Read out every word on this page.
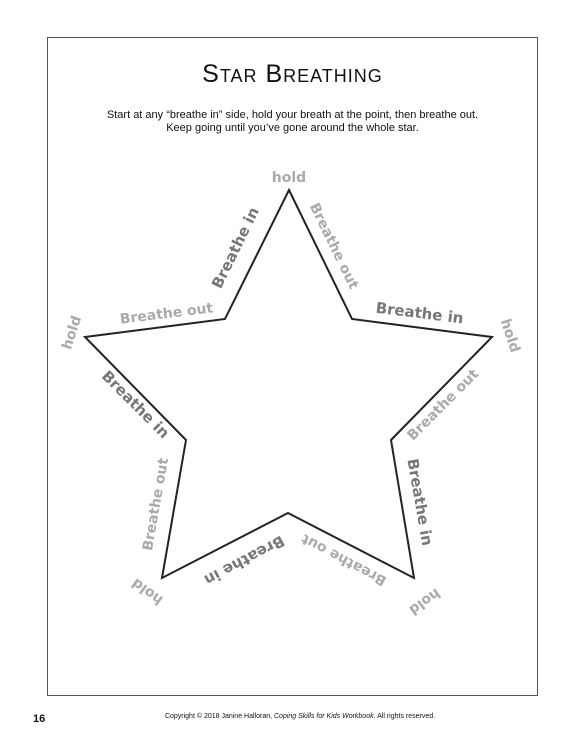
Star Breathing
Start at any “breathe in” side, hold your breath at the point, then breathe out.
Keep going until you’ve gone around the whole star.
hold
hold
hold
hold
hold
Breathe in	Breathe out
Breathe in
Breathe out
Breathe in
Breathe out
Breathe in
Breathe out
Breathe in
Breathe out
16	Copyright © 2018 Janine Halloran, Coping Skills for Kids Workbook. All rights reserved.
